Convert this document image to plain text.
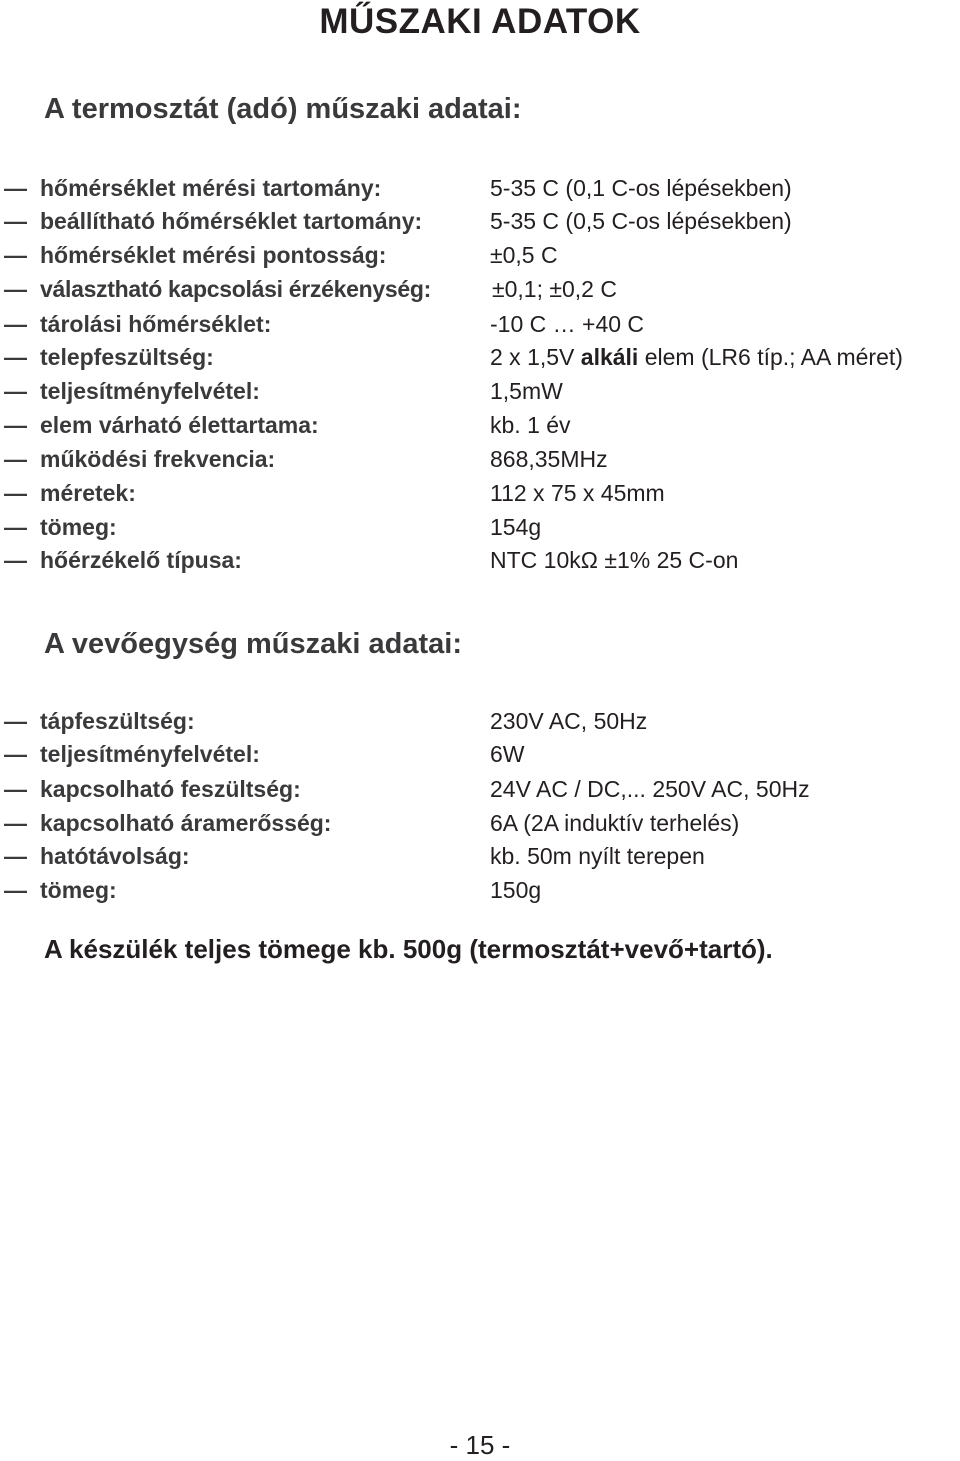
MŰSZAKI ADATOK
A termosztát (adó) műszaki adatai:
— hőmérséklet mérési tartomány:	5-35 C (0,1 C-os lépésekben)
— beállítható hőmérséklet tartomány:	5-35 C (0,5 C-os lépésekben)
— hőmérséklet mérési pontosság:	±0,5 C
— választható kapcsolási érzékenység:	±0,1; ±0,2 C
— tárolási hőmérséklet:	-10 C … +40 C
— telepfeszültség:	2 x 1,5V alkáli elem (LR6 típ.; AA méret)
— teljesítményfelvétel:	1,5mW
— elem várható élettartama:	kb. 1 év
— működési frekvencia:	868,35MHz
— méretek:	112 x 75 x 45mm
— tömeg:	154g
— hőérzékelő típusa:	NTC 10kΩ ±1% 25 C-on
A vevőegység műszaki adatai:
— tápfeszültség:	230V AC, 50Hz
— teljesítményfelvétel:	6W
— kapcsolható feszültség:	24V AC / DC,... 250V AC, 50Hz
— kapcsolható áramerősség:	6A (2A induktív terhelés)
— hatótávolság:	kb. 50m nyílt terepen
— tömeg:	150g
A készülék teljes tömege kb. 500g (termosztát+vevő+tartó).
- 15 -
